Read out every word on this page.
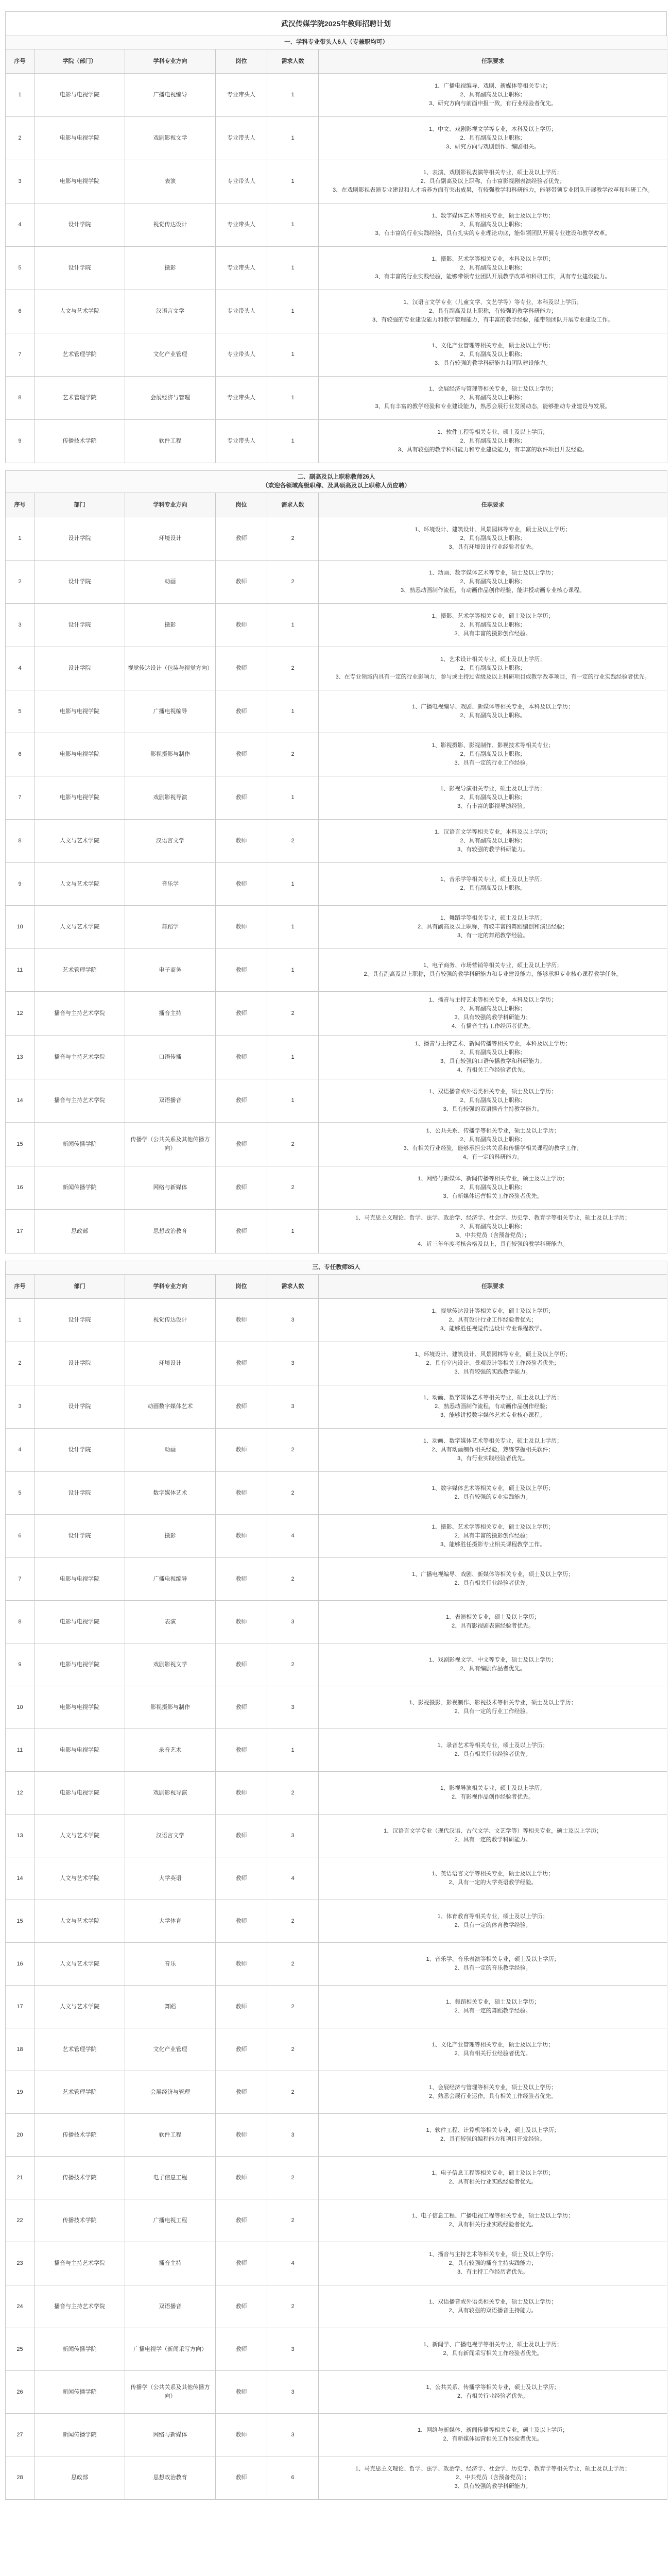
武汉传媒学院2025年教师招聘计划
一、学科专业带头人6人（专兼职均可）					

序号	学院（部门）	学科专业方向	岗位	需求人数	任职要求
1	电影与电视学院	广播电视编导	专业带头人	1	1、广播电视编导、戏剧、新媒体等相关专业；
2、具有副高及以上职称；
3、研究方向与前面申报一致，有行业经验者优先。

2	电影与电视学院	戏剧影视文学	专业带头人	1	1、中文、戏剧影视文学等专业，本科及以上学历；
2、具有副高及以上职称；
3、研究方向与戏剧创作、编剧相关。

3	电影与电视学院	表演	专业带头人	1	1、表演、戏剧影视表演等相关专业，硕士及以上学历；
2、具有副高及以上职称，有丰富影视剧表演经验者优先；
3、在戏剧影视表演专业建设和人才培养方面有突出成果，有较强教学和科研能力，能够带领专业团队开展教学改革和科研工作。

4	设计学院	视觉传达设计	专业带头人	1	1、数字媒体艺术等相关专业，硕士及以上学历；
2、具有副高及以上职称；
3、有丰富的行业实践经验，具有扎实的专业理论功底，能带领团队开展专业建设和教学改革。

5	设计学院	摄影	专业带头人	1	1、摄影、艺术学等相关专业，本科及以上学历；
2、具有副高及以上职称；
3、有丰富的行业实践经验，能够带领专业团队开展教学改革和科研工作，具有专业建设能力。

6	人文与艺术学院	汉语言文学	专业带头人	1	1、汉语言文学专业（儿童文学、文艺学等）等专业，本科及以上学历；
2、具有副高及以上职称，有较强的教学科研能力；
3、有较强的专业建设能力和教学管理能力，有丰富的教学经验，能带领团队开展专业建设工作。

7	艺术管理学院	文化产业管理	专业带头人	1	1、文化产业管理等相关专业，硕士及以上学历；
2、具有副高及以上职称；
3、具有较强的教学科研能力和团队建设能力。

8	艺术管理学院	会展经济与管理	专业带头人	1	1、会展经济与管理等相关专业，硕士及以上学历；
2、具有副高及以上职称；
3、具有丰富的教学经验和专业建设能力，熟悉会展行业发展动态，能够推动专业建设与发展。

9	传播技术学院	软件工程	专业带头人	1	1、软件工程等相关专业，硕士及以上学历；
2、具有副高及以上职称；
3、具有较强的教学科研能力和专业建设能力，有丰富的软件项目开发经验。

二、副高及以上职称教师26人
（欢迎各领域高级职称、及具硕高及以上职称人员应聘）					

序号	部门	学科专业方向	岗位	需求人数	任职要求
1	设计学院	环境设计	教师	2	1、环境设计、建筑设计、风景园林等专业，硕士及以上学历；
2、具有副高及以上职称；
3、具有环境设计行业经验者优先。

2	设计学院	动画	教师	2	1、动画、数字媒体艺术等专业，硕士及以上学历；
2、具有副高及以上职称；
3、熟悉动画制作流程，有动画作品创作经验，能讲授动画专业核心课程。

3	设计学院	摄影	教师	1	1、摄影、艺术学等相关专业，硕士及以上学历；
2、具有副高及以上职称；
3、具有丰富的摄影创作经验。

4	设计学院	视觉传达设计（包装与视觉方向）	教师	2	1、艺术设计相关专业，硕士及以上学历；
2、具有副高及以上职称；
3、在专业领域内具有一定的行业影响力，参与或主持过省级及以上科研项目或教学改革项目，有一定的行业实践经验者优先。

5	电影与电视学院	广播电视编导	教师	1	1、广播电视编导、戏剧、新媒体等相关专业，本科及以上学历；
2、具有副高及以上职称。

6	电影与电视学院	影视摄影与制作	教师	2	1、影视摄影、影视制作、影视技术等相关专业；
2、具有副高及以上职称；
3、具有一定的行业工作经验。

7	电影与电视学院	戏剧影视导演	教师	1	1、影视导演相关专业，硕士及以上学历；
2、具有副高及以上职称；
3、有丰富的影视导演经验。

8	人文与艺术学院	汉语言文学	教师	2	1、汉语言文学等相关专业，本科及以上学历；
2、具有副高及以上职称；
3、有较强的教学科研能力。

9	人文与艺术学院	音乐学	教师	1	1、音乐学等相关专业，硕士及以上学历；
2、具有副高及以上职称。

10	人文与艺术学院	舞蹈学	教师	1	1、舞蹈学等相关专业，硕士及以上学历；
2、具有副高及以上职称，有较丰富的舞蹈编创和演出经验；
3、有一定的舞蹈教学经验。

11	艺术管理学院	电子商务	教师	1	1、电子商务、市场营销等相关专业，硕士及以上学历；
2、具有副高及以上职称，具有较强的教学科研能力和专业建设能力，能够承担专业核心课程教学任务。

12	播音与主持艺术学院	播音主持	教师	2	1、播音与主持艺术等相关专业，本科及以上学历；
2、具有副高及以上职称；
3、具有较强的教学科研能力；
4、有播音主持工作经历者优先。

13	播音与主持艺术学院	口语传播	教师	1	1、播音与主持艺术、新闻传播等相关专业，本科及以上学历；
2、具有副高及以上职称；
3、具有较强的口语传播教学和科研能力；
4、有相关工作经验者优先。

14	播音与主持艺术学院	双语播音	教师	1	1、双语播音或外语类相关专业，硕士及以上学历；
2、具有副高及以上职称；
3、具有较强的双语播音主持教学能力。

15	新闻传播学院	传播学（公共关系及其他传播方向）	教师	2	1、公共关系、传播学等相关专业，硕士及以上学历；
2、具有副高及以上职称；
3、有相关行业经验，能够承担公共关系和传播学相关课程的教学工作；
4、有一定的科研能力。

16	新闻传播学院	网络与新媒体	教师	2	1、网络与新媒体、新闻传播等相关专业，硕士及以上学历；
2、具有副高及以上职称；
3、有新媒体运营相关工作经验者优先。

17	思政部	思想政治教育	教师	1	1、马克思主义理论、哲学、法学、政治学、经济学、社会学、历史学、教育学等相关专业，硕士及以上学历；
2、具有副高及以上职称；
3、中共党员（含预备党员）；
4、近三年年度考核合格及以上，具有较强的教学科研能力。

三、专任教师85人					

序号	部门	学科专业方向	岗位	需求人数	任职要求
1	设计学院	视觉传达设计	教师	3	1、视觉传达设计等相关专业，硕士及以上学历；
2、具有设计行业工作经验者优先；
3、能够胜任视觉传达设计专业课程教学。

2	设计学院	环境设计	教师	3	1、环境设计、建筑设计、风景园林等专业，硕士及以上学历；
2、具有室内设计、景观设计等相关工作经验者优先；
3、具有较强的实践教学能力。

3	设计学院	动画数字媒体艺术	教师	3	1、动画、数字媒体艺术等相关专业，硕士及以上学历；
2、熟悉动画制作流程，有动画作品创作经验；
3、能够讲授数字媒体艺术专业核心课程。

4	设计学院	动画	教师	2	1、动画、数字媒体艺术等相关专业，硕士及以上学历；
2、具有动画制作相关经验，熟练掌握相关软件；
3、有行业实践经验者优先。

5	设计学院	数字媒体艺术	教师	2	1、数字媒体艺术等相关专业，硕士及以上学历；
2、具有较强的专业实践能力。

6	设计学院	摄影	教师	4	1、摄影、艺术学等相关专业，硕士及以上学历；
2、具有丰富的摄影创作经验；
3、能够胜任摄影专业相关课程教学工作。

7	电影与电视学院	广播电视编导	教师	2	1、广播电视编导、戏剧、新媒体等相关专业，硕士及以上学历；
2、具有相关行业经验者优先。

8	电影与电视学院	表演	教师	3	1、表演相关专业，硕士及以上学历；
2、具有影视剧表演经验者优先。

9	电影与电视学院	戏剧影视文学	教师	2	1、戏剧影视文学、中文等专业，硕士及以上学历；
2、具有编剧作品者优先。

10	电影与电视学院	影视摄影与制作	教师	3	1、影视摄影、影视制作、影视技术等相关专业，硕士及以上学历；
2、具有一定的行业工作经验。

11	电影与电视学院	录音艺术	教师	1	1、录音艺术等相关专业，硕士及以上学历；
2、具有相关行业经验者优先。

12	电影与电视学院	戏剧影视导演	教师	2	1、影视导演相关专业，硕士及以上学历；
2、有影视作品创作经验者优先。

13	人文与艺术学院	汉语言文学	教师	3	1、汉语言文学专业（现代汉语、古代文学、文艺学等）等相关专业，硕士及以上学历；
2、具有一定的教学科研能力。

14	人文与艺术学院	大学英语	教师	4	1、英语语言文学等相关专业，硕士及以上学历；
2、具有一定的大学英语教学经验。

15	人文与艺术学院	大学体育	教师	2	1、体育教育等相关专业，硕士及以上学历；
2、具有一定的体育教学经验。

16	人文与艺术学院	音乐	教师	2	1、音乐学、音乐表演等相关专业，硕士及以上学历；
2、具有一定的音乐教学经验。

17	人文与艺术学院	舞蹈	教师	2	1、舞蹈相关专业，硕士及以上学历；
2、具有一定的舞蹈教学经验。

18	艺术管理学院	文化产业管理	教师	2	1、文化产业管理等相关专业，硕士及以上学历；
2、具有相关行业经验者优先。

19	艺术管理学院	会展经济与管理	教师	2	1、会展经济与管理等相关专业，硕士及以上学历；
2、熟悉会展行业运作，具有相关工作经验者优先。

20	传播技术学院	软件工程	教师	3	1、软件工程、计算机等相关专业，硕士及以上学历；
2、具有较强的编程能力和项目开发经验。

21	传播技术学院	电子信息工程	教师	2	1、电子信息工程等相关专业，硕士及以上学历；
2、具有相关行业实践经验者优先。

22	传播技术学院	广播电视工程	教师	2	1、电子信息工程、广播电视工程等相关专业，硕士及以上学历；
2、具有相关行业实践经验者优先。

23	播音与主持艺术学院	播音主持	教师	4	1、播音与主持艺术等相关专业，硕士及以上学历；
2、具有较强的播音主持实践能力；
3、有主持工作经历者优先。

24	播音与主持艺术学院	双语播音	教师	2	1、双语播音或外语类相关专业，硕士及以上学历；
2、具有较强的双语播音主持能力。

25	新闻传播学院	广播电视学（新闻采写方向）	教师	3	1、新闻学、广播电视学等相关专业，硕士及以上学历；
2、具有新闻采写相关工作经验者优先。

26	新闻传播学院	传播学（公共关系及其他传播方向）	教师	3	1、公共关系、传播学等相关专业，硕士及以上学历；
2、有相关行业经验者优先。

27	新闻传播学院	网络与新媒体	教师	3	1、网络与新媒体、新闻传播等相关专业，硕士及以上学历；
2、有新媒体运营相关工作经验者优先。

28	思政部	思想政治教育	教师	6	1、马克思主义理论、哲学、法学、政治学、经济学、社会学、历史学、教育学等相关专业，硕士及以上学历；
2、中共党员（含预备党员）；
3、具有较强的教学科研能力。
